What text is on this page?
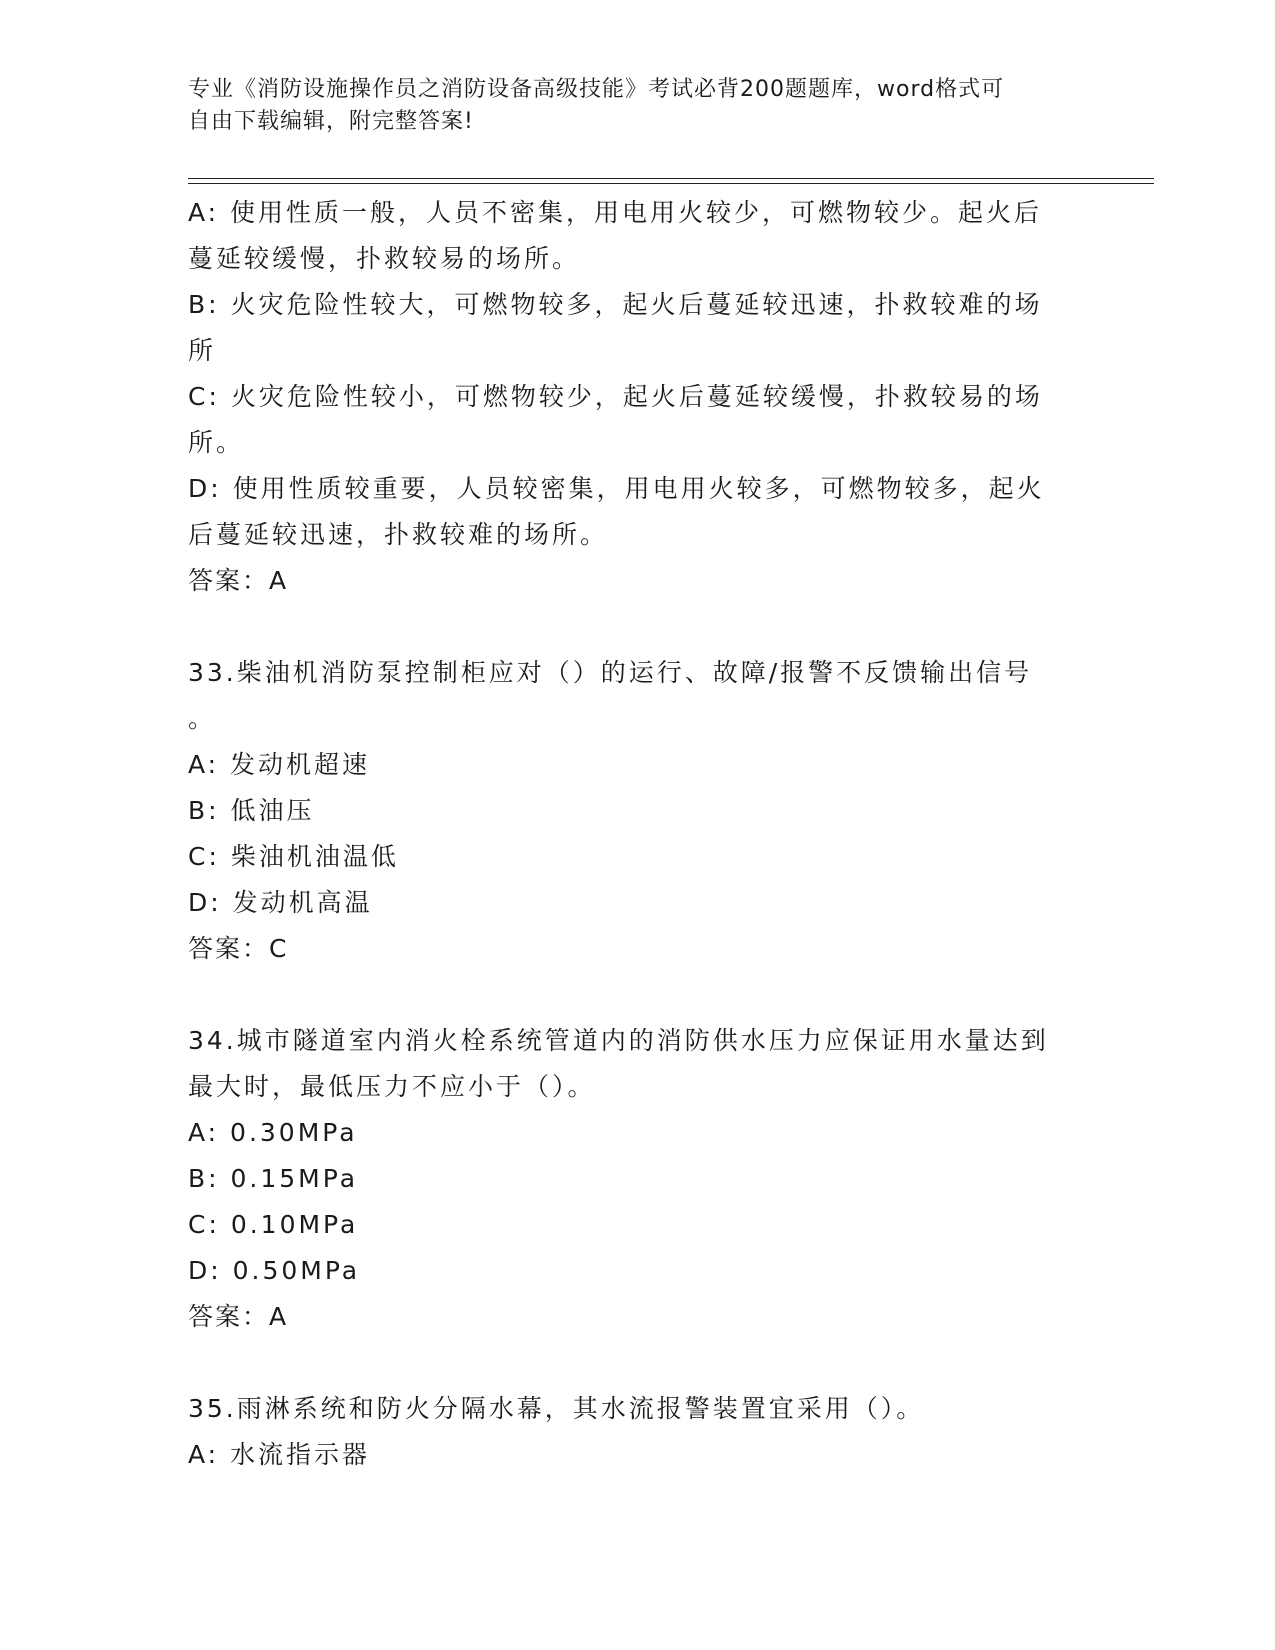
专业《消防设施操作员之消防设备高级技能》考试必背200题题库，word格式可
自由下载编辑，附完整答案!
A: 使用性质一般，人员不密集，用电用火较少，可燃物较少。起火后
蔓延较缓慢，扑救较易的场所。
B: 火灾危险性较大，可燃物较多，起火后蔓延较迅速，扑救较难的场
所
C: 火灾危险性较小，可燃物较少，起火后蔓延较缓慢，扑救较易的场
所。
D: 使用性质较重要，人员较密集，用电用火较多，可燃物较多，起火
后蔓延较迅速，扑救较难的场所。
答案：A
33.柴油机消防泵控制柜应对（）的运行、故障/报警不反馈输出信号
。
A: 发动机超速
B: 低油压
C: 柴油机油温低
D: 发动机高温
答案：C
34.城市隧道室内消火栓系统管道内的消防供水压力应保证用水量达到
最大时，最低压力不应小于（）。
A: 0.30MPa
B: 0.15MPa
C: 0.10MPa
D: 0.50MPa
答案：A
35.雨淋系统和防火分隔水幕，其水流报警装置宜采用（）。
A: 水流指示器
